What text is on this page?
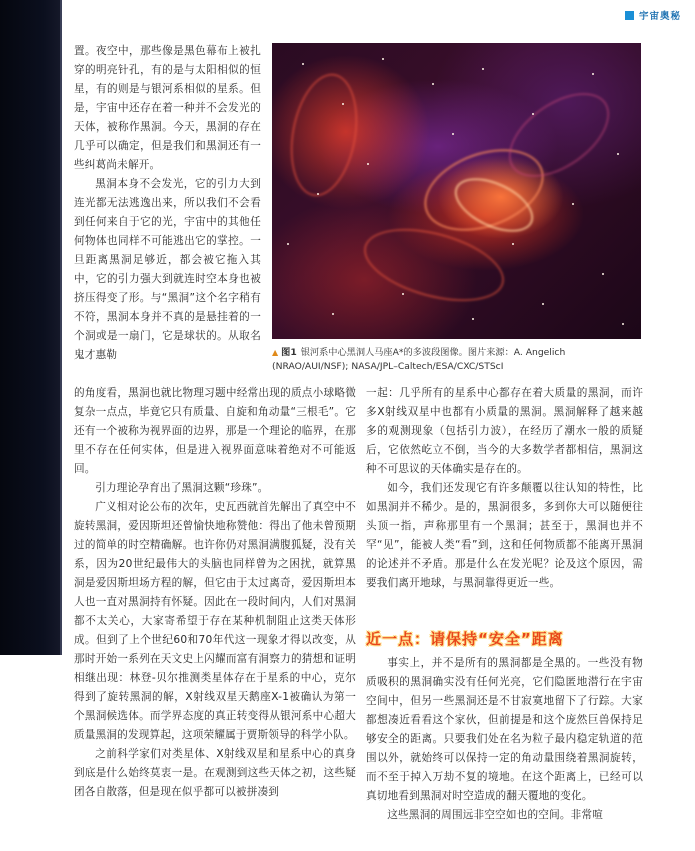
宇宙奥秘

置。夜空中，那些像是黑色幕布上被扎穿的明亮针孔，有的是与太阳相似的恒星，有的则是与银河系相似的星系。但是，宇宙中还存在着一种并不会发光的天体，被称作黑洞。今天，黑洞的存在几乎可以确定，但是我们和黑洞还有一些纠葛尚未解开。

黑洞本身不会发光，它的引力大到连光都无法逃逸出来，所以我们不会看到任何来自于它的光，宇宙中的其他任何物体也同样不可能逃出它的掌控。一旦距离黑洞足够近，都会被它拖入其中，它的引力强大到就连时空本身也被挤压得变了形。与“黑洞”这个名字稍有不符，黑洞本身并不真的是悬挂着的一个洞或是一扇门，它是球状的。从取名鬼才惠勒	▲ 图1 银河系中心黑洞人马座A*的多波段图像。图片来源：A. Angelich (NRAO/AUI/NSF); NASA/JPL–Caltech/ESA/CXC/STScI

的角度看，黑洞也就比物理习题中经常出现的质点小球略微复杂一点点，毕竟它只有质量、自旋和角动量“三根毛”。它还有一个被称为视界面的边界，那是一个理论的临界，在那里不存在任何实体，但是进入视界面意味着绝对不可能返回。

引力理论孕育出了黑洞这颗“珍珠”。

广义相对论公布的次年，史瓦西就首先解出了真空中不旋转黑洞，爱因斯坦还曾愉快地称赞他：得出了他未曾预期过的简单的时空精确解。也许你仍对黑洞满腹狐疑，没有关系，因为20世纪最伟大的头脑也同样曾为之困扰，就算黑洞是爱因斯坦场方程的解，但它由于太过离奇，爱因斯坦本人也一直对黑洞持有怀疑。因此在一段时间内，人们对黑洞都不太关心，大家寄希望于存在某种机制阻止这类天体形成。但到了上个世纪60和70年代这一现象才得以改变，从那时开始一系列在天文史上闪耀而富有洞察力的猜想和证明相继出现：林登-贝尔推测类星体存在于星系的中心，克尔得到了旋转黑洞的解，X射线双星天鹅座X-1被确认为第一个黑洞候选体。而学界态度的真正转变得从银河系中心超大质量黑洞的发现算起，这项荣耀属于贾斯领导的科学小队。

之前科学家们对类星体、X射线双星和星系中心的真身到底是什么始终莫衷一是。在观测到这些天体之初，这些疑团各自散落，但是现在似乎都可以被拼凑到

一起：几乎所有的星系中心都存在着大质量的黑洞，而许多X射线双星中也都有小质量的黑洞。黑洞解释了越来越多的观测现象（包括引力波），在经历了潮水一般的质疑后，它依然屹立不倒，当今的大多数学者都相信，黑洞这种不可思议的天体确实是存在的。

如今，我们还发现它有许多颠覆以往认知的特性，比如黑洞并不稀少。是的，黑洞很多，多到你大可以随便往头顶一指，声称那里有一个黑洞；甚至于，黑洞也并不罕“见”，能被人类“看”到，这和任何物质都不能离开黑洞的论述并不矛盾。那是什么在发光呢？论及这个原因，需要我们离开地球，与黑洞靠得更近一些。

近一点：请保持“安全”距离

事实上，并不是所有的黑洞都是全黑的。一些没有物质吸积的黑洞确实没有任何光亮，它们隐匿地潜行在宇宙空间中，但另一些黑洞还是不甘寂寞地留下了行踪。大家都想凑近看看这个家伙，但前提是和这个庞然巨兽保持足够安全的距离。只要我们处在名为粒子最内稳定轨道的范围以外，就始终可以保持一定的角动量围绕着黑洞旋转，而不至于掉入万劫不复的境地。在这个距离上，已经可以真切地看到黑洞对时空造成的翻天覆地的变化。

这些黑洞的周围远非空空如也的空间。非常喧
